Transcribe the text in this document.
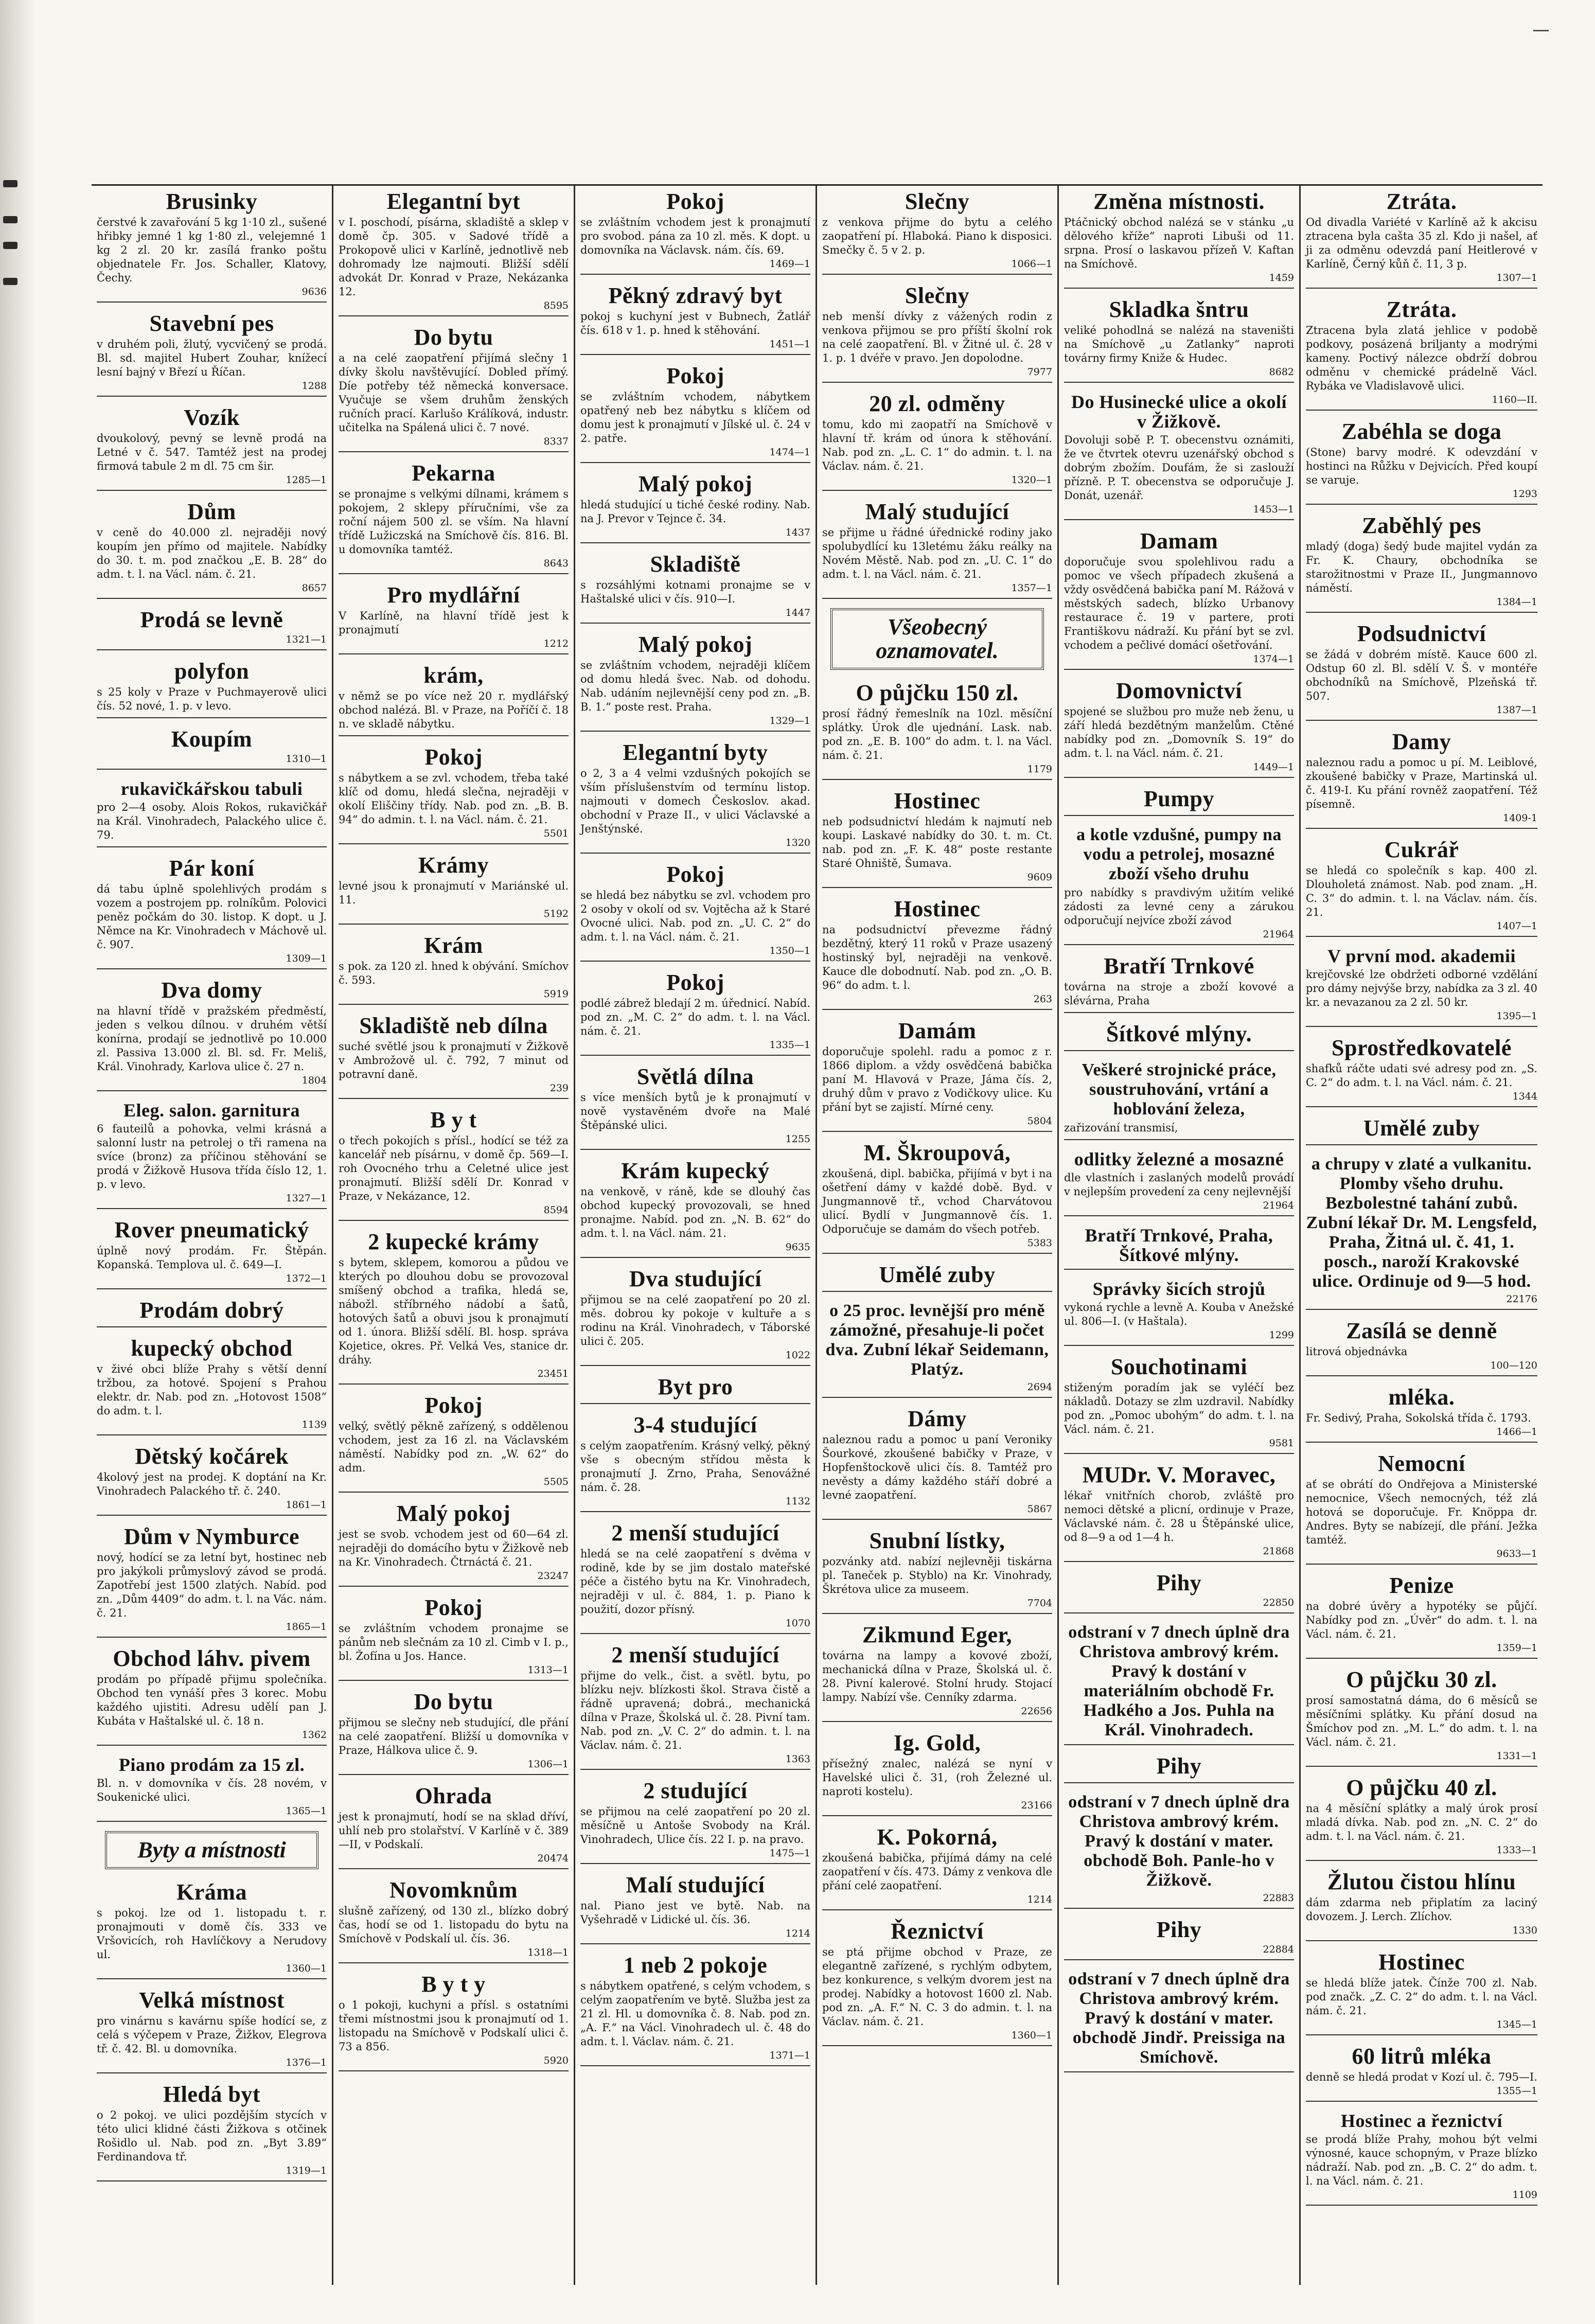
Brusinky

čerstvé k zavařování 5 kg 1·10 zl., sušené hřibky jemné 1 kg 1·80 zl., velejemné 1 kg 2 zl. 20 kr. zasílá franko poštu objednatele Fr. Jos. Schaller, Klatovy, Čechy.

9636
Stavební pes

v druhém poli, žlutý, vycvičený se prodá. Bl. sd. majitel Hubert Zouhar, knížecí lesní bajný v Březí u Říčan.

1288
Vozík

dvoukolový, pevný se levně prodá na Letné v č. 547. Tamtéž jest na prodej firmová tabule 2 m dl. 75 cm šir.

1285—1
Dům

v ceně do 40.000 zl. nejraději nový koupím jen přímo od majitele. Nabídky do 30. t. m. pod značkou „E. B. 28“ do adm. t. l. na Václ. nám. č. 21.

8657
Prodá se levně

1321—1
polyfon

s 25 koly v Praze v Puchmayerově ulici čís. 52 nové, 1. p. v levo.

Koupím

1310—1
rukavičkářskou tabuli

pro 2—4 osoby. Alois Rokos, rukavičkář na Král. Vinohradech, Palackého ulice č. 79.

Pár koní

dá tabu úplně spolehlivých prodám s vozem a postrojem pp. rolníkům. Polovici peněz počkám do 30. listop. K dopt. u J. Němce na Kr. Vinohradech v Máchově ul. č. 907.

1309—1
Dva domy

na hlavní třídě v pražském předměstí, jeden s velkou dílnou. v druhém větší konírna, prodají se jednotlivě po 10.000 zl. Passiva 13.000 zl. Bl. sd. Fr. Meliš, Král. Vinohrady, Karlova ulice č. 27 n.

1804
Eleg. salon. garnitura

6 fauteilů a pohovka, velmi krásná a salonní lustr na petrolej o tři ramena na svíce (bronz) za příčinou stěhování se prodá v Žižkově Husova třída číslo 12, 1. p. v levo.

1327—1
Rover pneumatický

úplně nový prodám. Fr. Štěpán. Kopanská. Templova ul. č. 649—I.

1372—1
Prodám dobrý

kupecký obchod

v živé obci blíže Prahy s větší denní tržbou, za hotové. Spojení s Prahou elektr. dr. Nab. pod zn. „Hotovost 1508“ do adm. t. l.

1139
Dětský kočárek

4kolový jest na prodej. K doptání na Kr. Vinohradech Palackého tř. č. 240.

1861—1
Dům v Nymburce

nový, hodící se za letní byt, hostinec neb pro jakýkoli průmyslový závod se prodá. Zapotřebí jest 1500 zlatých. Nabíd. pod zn. „Dům 4409“ do adm. t. l. na Vác. nám. č. 21.

1865—1
Obchod láhv. pivem

prodám po případě přijmu společníka. Obchod ten vynáší přes 3 korec. Mobu každého ujistiti. Adresu udělí pan J. Kubáta v Haštalské ul. č. 18 n.

1362
Piano prodám za 15 zl.

Bl. n. v domovníka v čís. 28 novém, v Soukenické ulici.

1365—1
Byty a místnosti
Kráma

s pokoj. lze od 1. listopadu t. r. pronajmouti v domě čís. 333 ve Vršovicích, roh Havlíčkovy a Nerudovy ul.

1360—1
Velká místnost

pro vinárnu s kavárnu spíše hodící se, z celá s výčepem v Praze, Žižkov, Elegrova tř. č. 42. Bl. u domovníka.

1376—1
Hledá byt

o 2 pokoj. ve ulici pozdějším stycích v této ulici klidné části Žižkova s otčinek Rošidlo ul. Nab. pod zn. „Byt 3.89“ Ferdinandova tř.

1319—1
Elegantní byt

v I. poschodí, písárna, skladiště a sklep v domě čp. 305. v Sadové třídě a Prokopově ulici v Karlíně, jednotlivě neb dohromady lze najmouti. Bližší sdělí advokát Dr. Konrad v Praze, Nekázanka 12.

8595
Do bytu

a na celé zaopatření přijímá slečny 1 dívky školu navštěvující. Dobled přímý. Díe potřeby též německá konversace. Vyučuje se všem druhům ženských ručních prací. Karlušo Králíková, industr. učitelka na Spálená ulici č. 7 nové.

8337
Pekarna

se pronajme s velkými dílnami, krámem s pokojem, 2 sklepy příručními, vše za roční nájem 500 zl. se vším. Na hlavní třídě Lužiczská na Smíchově čís. 816. Bl. u domovníka tamtéž.

8643
Pro mydlářní

V Karlíně, na hlavní třídě jest k pronajmutí

1212
krám,

v němž se po více než 20 r. mydlářský obchod nalézá. Bl. v Praze, na Poříčí č. 18 n. ve skladě nábytku.

Pokoj

s nábytkem a se zvl. vchodem, třeba také klíč od domu, hledá slečna, nejraději v okolí Eliščiny třídy. Nab. pod zn. „B. B. 94“ do admin. t. l. na Václ. nám. č. 21.

5501
Krámy

levné jsou k pronajmutí v Mariánské ul. 11.

5192
Krám

s pok. za 120 zl. hned k obývání. Smíchov č. 593.

5919
Skladiště neb dílna

suché světlé jsou k pronajmutí v Žižkově v Ambrožově ul. č. 792, 7 minut od potravní daně.

239
B y t

o třech pokojích s přísl., hodící se též za kancelář neb písárnu, v domě čp. 569—I. roh Ovocného trhu a Celetné ulice jest pronajmutí. Bližší sdělí Dr. Konrad v Praze, v Nekázance, 12.

8594
2 kupecké krámy

s bytem, sklepem, komorou a půdou ve kterých po dlouhou dobu se provozoval smíšený obchod a trafika, hledá se, nábožl. stříbrného nádobí a šatů, hotových šatů a obuvi jsou k pronajmutí od 1. února. Bližší sdělí. Bl. hosp. správa Kojetice, okres. Př. Velká Ves, stanice dr. dráhy.

23451
Pokoj

velký, světlý pěkně zařízený, s oddělenou vchodem, jest za 16 zl. na Václavském náměstí. Nabídky pod zn. „W. 62“ do adm.

5505
Malý pokoj

jest se svob. vchodem jest od 60—64 zl. nejraději do domácího bytu v Žižkově neb na Kr. Vinohradech. Čtrnáctá č. 21.

23247
Pokoj

se zvláštním vchodem pronajme se pánům neb slečnám za 10 zl. Cimb v I. p., bl. Žofína u Jos. Hance.

1313—1
Do bytu

přijmou se slečny neb studující, dle přání na celé zaopatření. Bližší u domovníka v Praze, Hálkova ulice č. 9.

1306—1
Ohrada

jest k pronajmutí, hodí se na sklad dříví, uhlí neb pro stolařství. V Karlíně v č. 389—II, v Podskalí.

20474
Novomknům

slušně zařízený, od 130 zl., blízko dobrý čas, hodí se od 1. listopadu do bytu na Smíchově v Podskalí ul. čís. 36.

1318—1
B y t y

o 1 pokoji, kuchyni a přísl. s ostatními třemi místnostmi jsou k pronajmutí od 1. listopadu na Smíchově v Podskalí ulici č. 73 a 856.

5920
Pokoj

se zvláštním vchodem jest k pronajmutí pro svobod. pána za 10 zl. měs. K dopt. u domovníka na Václavsk. nám. čís. 69.

1469—1
Pěkný zdravý byt

pokoj s kuchyní jest v Bubnech, Žatlář čís. 618 v 1. p. hned k stěhování.

1451—1
Pokoj

se zvláštním vchodem, nábytkem opatřený neb bez nábytku s klíčem od domu jest k pronajmutí v Jílské ul. č. 24 v 2. patře.

1474—1
Malý pokoj

hledá studující u tiché české rodiny. Nab. na J. Prevor v Tejnce č. 34.

1437
Skladiště

s rozsáhlými kotnami pronajme se v Haštalské ulici v čís. 910—I.

1447
Malý pokoj

se zvláštním vchodem, nejraději klíčem od domu hledá švec. Nab. od dohodu. Nab. udáním nejlevnější ceny pod zn. „B. B. 1.“ poste rest. Praha.

1329—1
Elegantní byty

o 2, 3 a 4 velmi vzdušných pokojích se vším příslušenstvím od termínu listop. najmouti v domech Českoslov. akad. obchodní v Praze II., v ulici Václavské a Jenštýnské.

1320
Pokoj

se hledá bez nábytku se zvl. vchodem pro 2 osoby v okolí od sv. Vojtěcha až k Staré Ovocné ulici. Nab. pod zn. „U. C. 2“ do adm. t. l. na Václ. nám. č. 21.

1350—1
Pokoj

podlé zábrež bledají 2 m. úřednicí. Nabíd. pod zn. „M. C. 2“ do adm. t. l. na Václ. nám. č. 21.

1335—1
Světlá dílna

s více menších bytů je k pronajmutí v nově vystavěném dvoře na Malé Štěpánské ulici.

1255
Krám kupecký

na venkově, v ráně, kde se dlouhý čas obchod kupecký provozovali, se hned pronajme. Nabíd. pod zn. „N. B. 62“ do adm. t. l. na Václ. nám. 21.

9635
Dva studující

přijmou se na celé zaopatření po 20 zl. měs. dobrou ky pokoje v kultuře a s rodinu na Král. Vinohradech, v Táborské ulici č. 205.

1022
Byt pro

3-4 studující

s celým zaopatřením. Krásný velký, pěkný vše s obecným střídou města k pronajmutí J. Zrno, Praha, Senovážné nám. č. 28.

1132
2 menší studující

hledá se na celé zaopatření s dvěma v rodině, kde by se jim dostalo mateřské péče a čistého bytu na Kr. Vinohradech, nejraději v ul. č. 884, 1. p. Piano k použití, dozor přísný.

1070
2 menší studující

přijme do velk., čist. a světl. bytu, po blízku nejv. blízkosti škol. Strava čistě a řádně upravená; dobrá., mechanická dílna v Praze, Školská ul. č. 28. Pivní tam. Nab. pod zn. „V. C. 2“ do admin. t. l. na Václav. nám. č. 21.

1363
2 studující

se přijmou na celé zaopatření po 20 zl. měsíčně u Antoše Svobody na Král. Vinohradech, Ulice čís. 22 I. p. na pravo.

1475—1
Malí studující

nal. Piano jest ve bytě. Nab. na Vyšehradě v Lidické ul. čís. 36.

1214
1 neb 2 pokoje

s nábytkem opatřené, s celým vchodem, s celým zaopatřením ve bytě. Služba jest za 21 zl. Hl. u domovníka č. 8. Nab. pod zn. „A. F.“ na Václ. Vinohradech ul. č. 48 do adm. t. l. Václav. nám. č. 21.

1371—1
Slečny

z venkova přijme do bytu a celého zaopatření pí. Hlaboká. Piano k disposici. Smečky č. 5 v 2. p.

1066—1
Slečny

neb menší dívky z vážených rodin z venkova přijmou se pro příští školní rok na celé zaopatření. Bl. v Žitné ul. č. 28 v 1. p. 1 dvéře v pravo. Jen dopolodne.

7977
20 zl. odměny

tomu, kdo mi zaopatří na Smíchově v hlavní tř. krám od února k stěhování. Nab. pod zn. „L. C. 1“ do admin. t. l. na Václav. nám. č. 21.

1320—1
Malý studující

se přijme u řádné úřednické rodiny jako spolubydlící ku 13letému žáku reálky na Novém Městě. Nab. pod zn. „U. C. 1“ do adm. t. l. na Václ. nám. č. 21.

1357—1
Všeobecný oznamovatel.
O půjčku 150 zl.

prosí řádný řemeslník na 10zl. měsíční splátky. Úrok dle ujednání. Lask. nab. pod zn. „E. B. 100“ do adm. t. l. na Václ. nám. č. 21.

1179
Hostinec

neb podsudnictví hledám k najmutí neb koupi. Laskavé nabídky do 30. t. m. Ct. nab. pod zn. „F. K. 48“ poste restante Staré Ohniště, Šumava.

9609
Hostinec

na podsudnictví převezme řádný bezdětný, který 11 roků v Praze usazený hostinský byl, nejraději na venkově. Kauce dle dobodnutí. Nab. pod zn. „O. B. 96“ do adm. t. l.

263
Damám

doporučuje spolehl. radu a pomoc z r. 1866 diplom. a vždy osvědčená babička paní M. Hlavová v Praze, Jáma čís. 2, druhý dům v pravo z Vodičkovy ulice. Ku přání byt se zajistí. Mírné ceny.

5804
M. Škroupová,

zkoušená, dipl. babička, přijímá v byt i na ošetření dámy v každé době. Byd. v Jungmannově tř., vchod Charvátovou ulicí. Bydlí v Jungmannově čís. 1. Odporučuje se damám do všech potřeb.

5383
Umělé zuby

o 25 proc. levnější pro méně zámožné, přesahuje-li počet dva. Zubní lékař Seidemann, Platýz.

2694
Dámy

naleznou radu a pomoc u paní Veroniky Šourkové, zkoušené babičky v Praze, v Hopfenštockově ulici čís. 8. Tamtéž pro nevěsty a dámy každého stáří dobré a levné zaopatření.

5867
Snubní lístky,

pozvánky atd. nabízí nejlevněji tiskárna pl. Taneček p. Styblo) na Kr. Vinohrady, Škrétova ulice za museem.

7704
Zikmund Eger,

továrna na lampy a kovové zboží, mechanická dílna v Praze, Školská ul. č. 28. Pivní kalerové. Stolní hrudy. Stojací lampy. Nabízí vše. Cenníky zdarma.

22656
Ig. Gold,

přísežný znalec, nalézá se nyní v Havelské ulici č. 31, (roh Železné ul. naproti kostelu).

23166
K. Pokorná,

zkoušená babička, přijímá dámy na celé zaopatření v čís. 473. Dámy z venkova dle přání celé zaopatření.

1214
Řeznictví

se ptá přijme obchod v Praze, ze elegantně zařízené, s rychlým odbytem, bez konkurence, s velkým dvorem jest na prodej. Nabídky a hotovost 1600 zl. Nab. pod zn. „A. F.“ N. C. 3 do admin. t. l. na Václav. nám. č. 21.

1360—1
Změna místnosti.

Ptáčnický obchod nalézá se v stánku „u dělového kříže“ naproti Libuši od 11. srpna. Prosí o laskavou přízeň V. Kaftan na Smíchově.

1459
Skladka šntru

veliké pohodlná se nalézá na staveništi na Smíchově „u Zatlanky“ naproti továrny firmy Kniže & Hudec.

8682
Do Husinecké ulice a okolí v Žižkově.

Dovoluji sobě P. T. obecenstvu oznámiti, že ve čtvrtek otevru uzenářský obchod s dobrým zbožím. Doufám, že si zaslouží přízně. P. T. obecenstva se odporučuje J. Donát, uzenář.

1453—1
Damam

doporučuje svou spolehlivou radu a pomoc ve všech případech zkušená a vždy osvědčená babička paní M. Rážová v městských sadech, blízko Urbanovy restaurace č. 19 v partere, proti Františkovu nádraží. Ku přání byt se zvl. vchodem a pečlivé domácí ošetřování.

1374—1
Domovnictví

spojené se službou pro muže neb ženu, u září hledá bezdětným manželům. Ctěné nabídky pod zn. „Domovník S. 19“ do adm. t. l. na Václ. nám. č. 21.

1449—1
Pumpy

a kotle vzdušné, pumpy na vodu a petrolej, mosazné zboží všeho druhu

pro nabídky s pravdivým užitím veliké zádosti za levné ceny a zárukou odporučují nejvíce zboží závod

21964
Bratří Trnkové

továrna na stroje a zboží kovové a slévárna, Praha

Šítkové mlýny.

Veškeré strojnické práce, soustruhování, vrtání a hoblování železa,

zařizování transmisí,

odlitky železné a mosazné

dle vlastních i zaslaných modelů provádí v nejlepším provedení za ceny nejlevnější

21964
Bratří Trnkové, Praha, Šítkové mlýny.

Správky šicích strojů

vykoná rychle a levně A. Kouba v Anežské ul. 806—I. (v Haštala).

1299
Souchotinami

stiženým poradím jak se vyléčí bez nákladů. Dotazy se zlm uzdravil. Nabídky pod zn. „Pomoc ubohým“ do adm. t. l. na Václ. nám. č. 21.

9581
MUDr. V. Moravec,

lékař vnitřních chorob, zvláště pro nemoci dětské a plicní, ordinuje v Praze, Václavské nám. č. 28 u Štěpánské ulice, od 8—9 a od 1—4 h.

21868
Pihy

22850
odstraní v 7 dnech úplně dra Christova ambrový krém. Pravý k dostání v materiálním obchodě Fr. Hadkého a Jos. Puhla na Král. Vinohradech.

Pihy

odstraní v 7 dnech úplně dra Christova ambrový krém. Pravý k dostání v mater. obchodě Boh. Panle-ho v Žižkově.

22883
Pihy

22884
odstraní v 7 dnech úplně dra Christova ambrový krém. Pravý k dostání v mater. obchodě Jindř. Preissiga na Smíchově.

Ztráta.

Od divadla Variété v Karlíně až k akcisu ztracena byla cašta 35 zl. Kdo ji našel, ať ji za odměnu odevzdá paní Heitlerové v Karlíně, Černý kůň č. 11, 3 p.

1307—1
Ztráta.

Ztracena byla zlatá jehlice v podobě podkovy, posázená briljanty a modrými kameny. Poctivý nálezce obdrží dobrou odměnu v chemické prádelně Václ. Rybáka ve Vladislavově ulici.

1160—II.
Zabéhla se doga

(Stone) barvy modré. K odevzdání v hostinci na Růžku v Dejvicích. Před koupí se varuje.

1293
Zaběhlý pes

mladý (doga) šedý bude majitel vydán za Fr. K. Chaury, obchodníka se starožitnostmi v Praze II., Jungmannovo náměstí.

1384—1
Podsudnictví

se žádá v dobrém místě. Kauce 600 zl. Odstup 60 zl. Bl. sdělí V. Š. v montéře obchodníků na Smíchově, Plzeňská tř. 507.

1387—1
Damy

naleznou radu a pomoc u pí. M. Leiblové, zkoušené babičky v Praze, Martinská ul. č. 419-I. Ku přání rovněž zaopatření. Též písemně.

1409-1
Cukrář

se hledá co společník s kap. 400 zl. Dlouholetá známost. Nab. pod znam. „H. C. 3“ do admin. t. l. na Václav. nám. čís. 21.

1407—1
V první mod. akademii

krejčovské lze obdržeti odborné vzdělání pro dámy nejvýše brzy, nabídka za 3 zl. 40 kr. a nevazanou za 2 zl. 50 kr.

1395—1
Sprostředkovatelé

shafků ráčte udati své adresy pod zn. „S. C. 2“ do adm. t. l. na Václ. nám. č. 21.

1344
Umělé zuby

a chrupy v zlaté a vulkanitu. Plomby všeho druhu. Bezbolestné tahání zubů. Zubní lékař Dr. M. Lengsfeld, Praha, Žitná ul. č. 41, 1. posch., naroží Krakovské ulice. Ordinuje od 9—5 hod.

22176
Zasílá se denně

litrová objednávka

100—120
mléka.

Fr. Sedivý, Praha, Sokolská třída č. 1793.

1466—1
Nemocní

ať se obrátí do Ondřejova a Ministerské nemocnice, Všech nemocných, též zlá hotová se doporučuje. Fr. Knöppa dr. Andres. Byty se nabízejí, dle přání. Ježka tamtéž.

9633—1
Penize

na dobré úvěry a hypotéky se půjčí. Nabídky pod zn. „Úvěr“ do adm. t. l. na Václ. nám. č. 21.

1359—1
O půjčku 30 zl.

prosí samostatná dáma, do 6 měsíců se měsíčními splátky. Ku přání dosud na Šmíchov pod zn. „M. L.“ do adm. t. l. na Václ. nám. č. 21.

1331—1
O půjčku 40 zl.

na 4 měsíční splátky a malý úrok prosí mladá dívka. Nab. pod zn. „N. C. 2“ do adm. t. l. na Václ. nám. č. 21.

1333—1
Žlutou čistou hlínu

dám zdarma neb připlatím za laciný dovozem. J. Lerch. Zlíchov.

1330
Hostinec

se hledá blíže jatek. Čínže 700 zl. Nab. pod značk. „Z. C. 2“ do adm. t. l. na Václ. nám. č. 21.

1345—1
60 litrů mléka

denně se hledá prodat v Kozí ul. č. 795—I.

1355—1
Hostinec a řeznictví

se prodá blíže Prahy, mohou být velmi výnosné, kauce schopným, v Praze blízko nádraží. Nab. pod zn. „B. C. 2“ do adm. t. l. na Václ. nám. č. 21.

1109
